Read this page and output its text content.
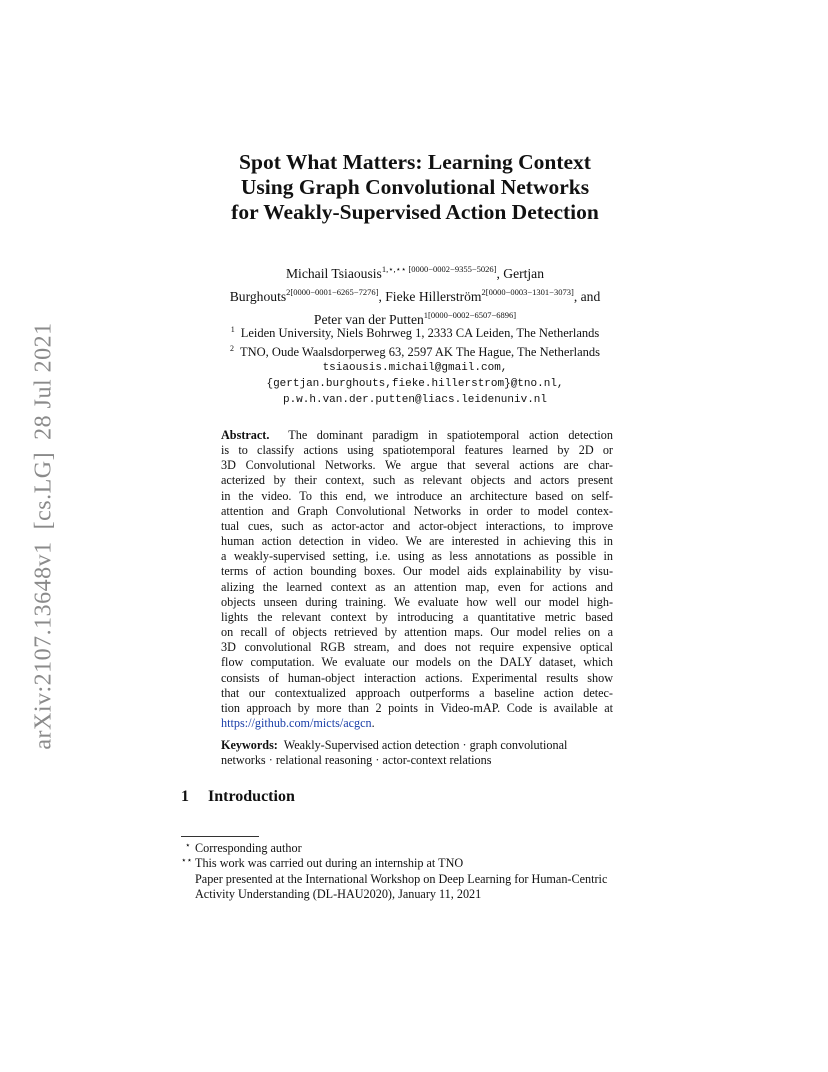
arXiv:2107.13648v1[cs.LG]28 Jul 2021
Spot What Matters: Learning Context
Using Graph Convolutional Networks
for Weakly-Supervised Action Detection
Michail Tsiaousis$^{1,⋆,⋆⋆ [0000-0002-9355-5026]}$, Gertjan
Burghouts$^{2[0000-0001-6265-7276]}$, Fieke Hillerström$^{2[0000-0003-1301-3073]}$, and
Peter van der Putten$^{1[0000-0002-6507-6896]}$
$^1$ Leiden University, Niels Bohrweg 1, 2333 CA Leiden, The Netherlands
$^2$ TNO, Oude Waalsdorperweg 63, 2597 AK The Hague, The Netherlands
tsiaousis.michail@gmail.com,
{gertjan.burghouts,fieke.hillerstrom}@tno.nl,
p.w.h.van.der.putten@liacs.leidenuniv.nl
Abstract. The dominant paradigm in spatiotemporal action detection
is to classify actions using spatiotemporal features learned by 2D or
3D Convolutional Networks. We argue that several actions are char-
acterized by their context, such as relevant objects and actors present
in the video. To this end, we introduce an architecture based on self-
attention and Graph Convolutional Networks in order to model contex-
tual cues, such as actor-actor and actor-object interactions, to improve
human action detection in video. We are interested in achieving this in
a weakly-supervised setting, i.e. using as less annotations as possible in
terms of action bounding boxes. Our model aids explainability by visu-
alizing the learned context as an attention map, even for actions and
objects unseen during training. We evaluate how well our model high-
lights the relevant context by introducing a quantitative metric based
on recall of objects retrieved by attention maps. Our model relies on a
3D convolutional RGB stream, and does not require expensive optical
flow computation. We evaluate our models on the DALY dataset, which
consists of human-object interaction actions. Experimental results show
that our contextualized approach outperforms a baseline action detec-
tion approach by more than 2 points in Video-mAP. Code is available at
https://github.com/micts/acgcn.
Keywords: Weakly-Supervised action detection · graph convolutional
networks · relational reasoning · actor-context relations
1 Introduction
⋆ Corresponding author
⋆⋆ This work was carried out during an internship at TNO
Paper presented at the International Workshop on Deep Learning for Human-Centric
Activity Understanding (DL-HAU2020), January 11, 2021
